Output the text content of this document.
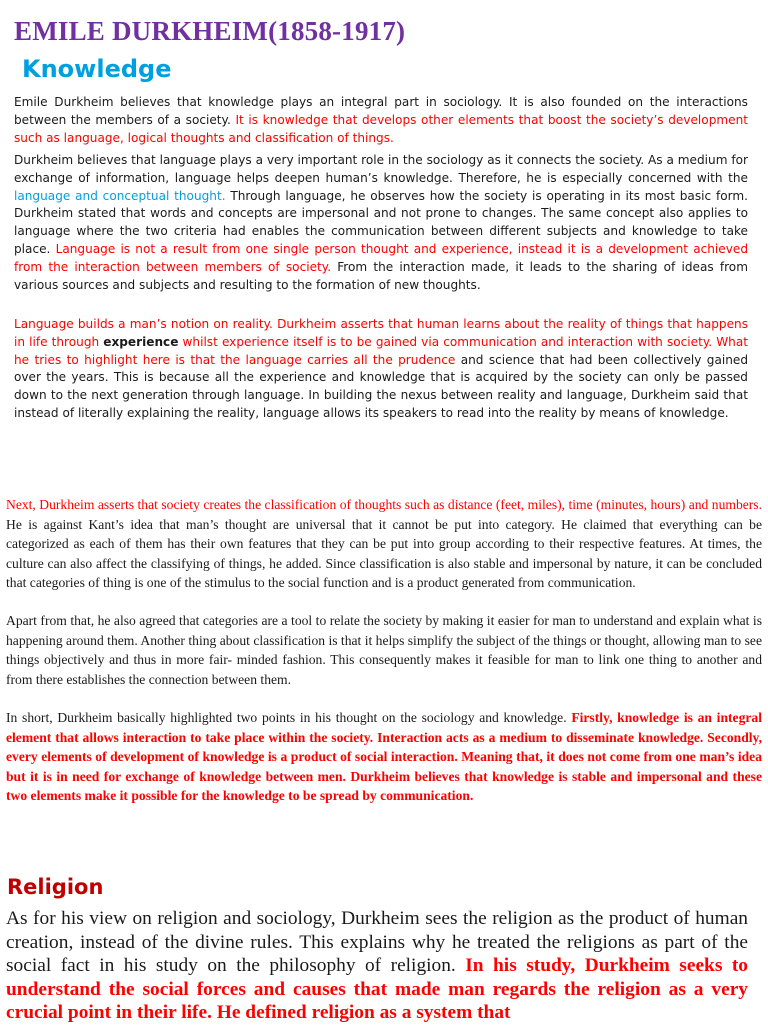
EMILE DURKHEIM(1858-1917)
Knowledge

Emile Durkheim believes that knowledge plays an integral part in sociology. It is also founded on the interactions between the members of a society. It is knowledge that develops other elements that boost the society’s development such as language, logical thoughts and classification of things.

Durkheim believes that language plays a very important role in the sociology as it connects the society. As a medium for exchange of information, language helps deepen human’s knowledge. Therefore, he is especially concerned with the language and conceptual thought. Through language, he observes how the society is operating in its most basic form. Durkheim stated that words and concepts are impersonal and not prone to changes. The same concept also applies to language where the two criteria had enables the communication between different subjects and knowledge to take place. Language is not a result from one single person thought and experience, instead it is a development achieved from the interaction between members of society. From the interaction made, it leads to the sharing of ideas from various sources and subjects and resulting to the formation of new thoughts.

Language builds a man’s notion on reality. Durkheim asserts that human learns about the reality of things that happens in life through experience whilst experience itself is to be gained via communication and interaction with society. What he tries to highlight here is that the language carries all the prudence and science that had been collectively gained over the years. This is because all the experience and knowledge that is acquired by the society can only be passed down to the next generation through language. In building the nexus between reality and language, Durkheim said that instead of literally explaining the reality, language allows its speakers to read into the reality by means of knowledge.

Next, Durkheim asserts that society creates the classification of thoughts such as distance (feet, miles), time (minutes, hours) and numbers. He is against Kant’s idea that man’s thought are universal that it cannot be put into category. He claimed that everything can be categorized as each of them has their own features that they can be put into group according to their respective features. At times, the culture can also affect the classifying of things, he added. Since classification is also stable and impersonal by nature, it can be concluded that categories of thing is one of the stimulus to the social function and is a product generated from communication.

Apart from that, he also agreed that categories are a tool to relate the society by making it easier for man to understand and explain what is happening around them. Another thing about classification is that it helps simplify the subject of the things or thought, allowing man to see things objectively and thus in more fair- minded fashion. This consequently makes it feasible for man to link one thing to another and from there establishes the connection between them.

In short, Durkheim basically highlighted two points in his thought on the sociology and knowledge. Firstly, knowledge is an integral element that allows interaction to take place within the society. Interaction acts as a medium to disseminate knowledge. Secondly, every elements of development of knowledge is a product of social interaction. Meaning that, it does not come from one man’s idea but it is in need for exchange of knowledge between men. Durkheim believes that knowledge is stable and impersonal and these two elements make it possible for the knowledge to be spread by communication.

Religion

As for his view on religion and sociology, Durkheim sees the religion as the product of human creation, instead of the divine rules. This explains why he treated the religions as part of the social fact in his study on the philosophy of religion. In his study, Durkheim seeks to understand the social forces and causes that made man regards the religion as a very crucial point in their life. He defined religion as a system that
